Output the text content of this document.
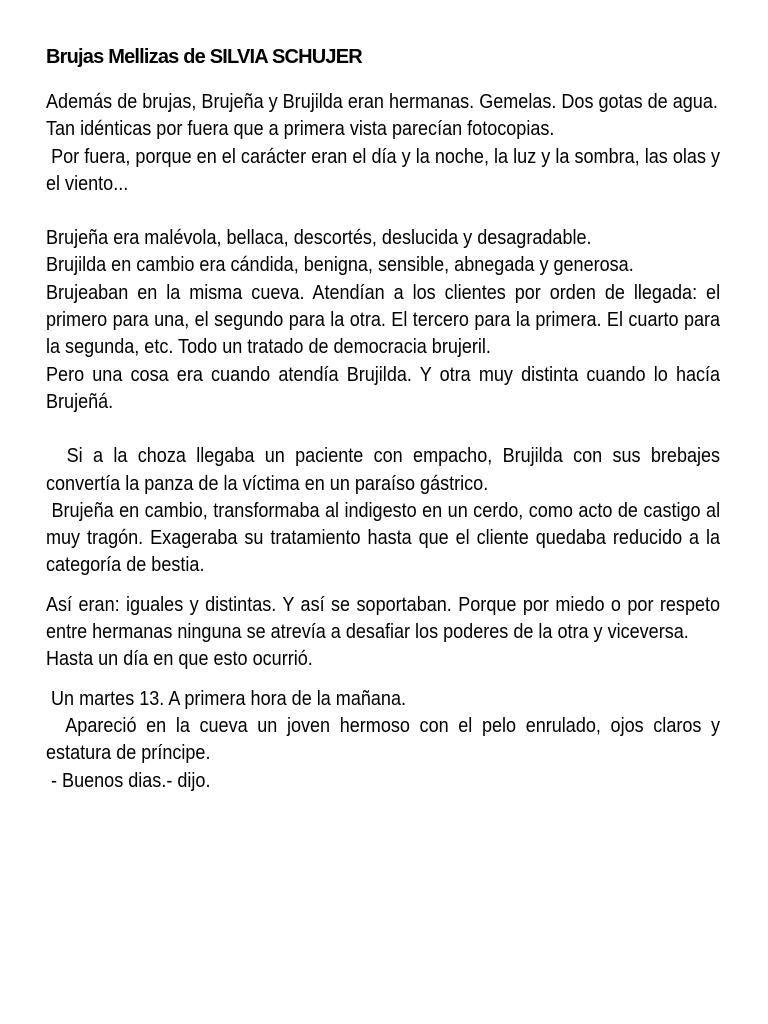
Brujas Mellizas de SILVIA SCHUJER

Además de brujas, Brujeña y Brujilda eran hermanas. Gemelas. Dos gotas de agua.

Tan idénticas por fuera que a primera vista parecían fotocopias.

Por fuera, porque en el carácter eran el día y la noche, la luz y la sombra, las olas y el viento...

Brujeña era malévola, bellaca, descortés, deslucida y desagradable.

Brujilda en cambio era cándida, benigna, sensible, abnegada y generosa.

Brujeaban en la misma cueva. Atendían a los clientes por orden de llegada: el primero para una, el segundo para la otra. El tercero para la primera. El cuarto para la segunda, etc. Todo un tratado de democracia brujeril.

Pero una cosa era cuando atendía Brujilda. Y otra muy distinta cuando lo hacía Brujeñá.

Si a la choza llegaba un paciente con empacho, Brujilda con sus brebajes convertía la panza de la víctima en un paraíso gástrico.

Brujeña en cambio, transformaba al indigesto en un cerdo, como acto de castigo al muy tragón. Exageraba su tratamiento hasta que el cliente quedaba reducido a la categoría de bestia.

Así eran: iguales y distintas. Y así se soportaban. Porque por miedo o por respeto entre hermanas ninguna se atrevía a desafiar los poderes de la otra y viceversa.

Hasta un día en que esto ocurrió.

Un martes 13. A primera hora de la mañana.

Apareció en la cueva un joven hermoso con el pelo enrulado, ojos claros y estatura de príncipe.

- Buenos dias.- dijo.
